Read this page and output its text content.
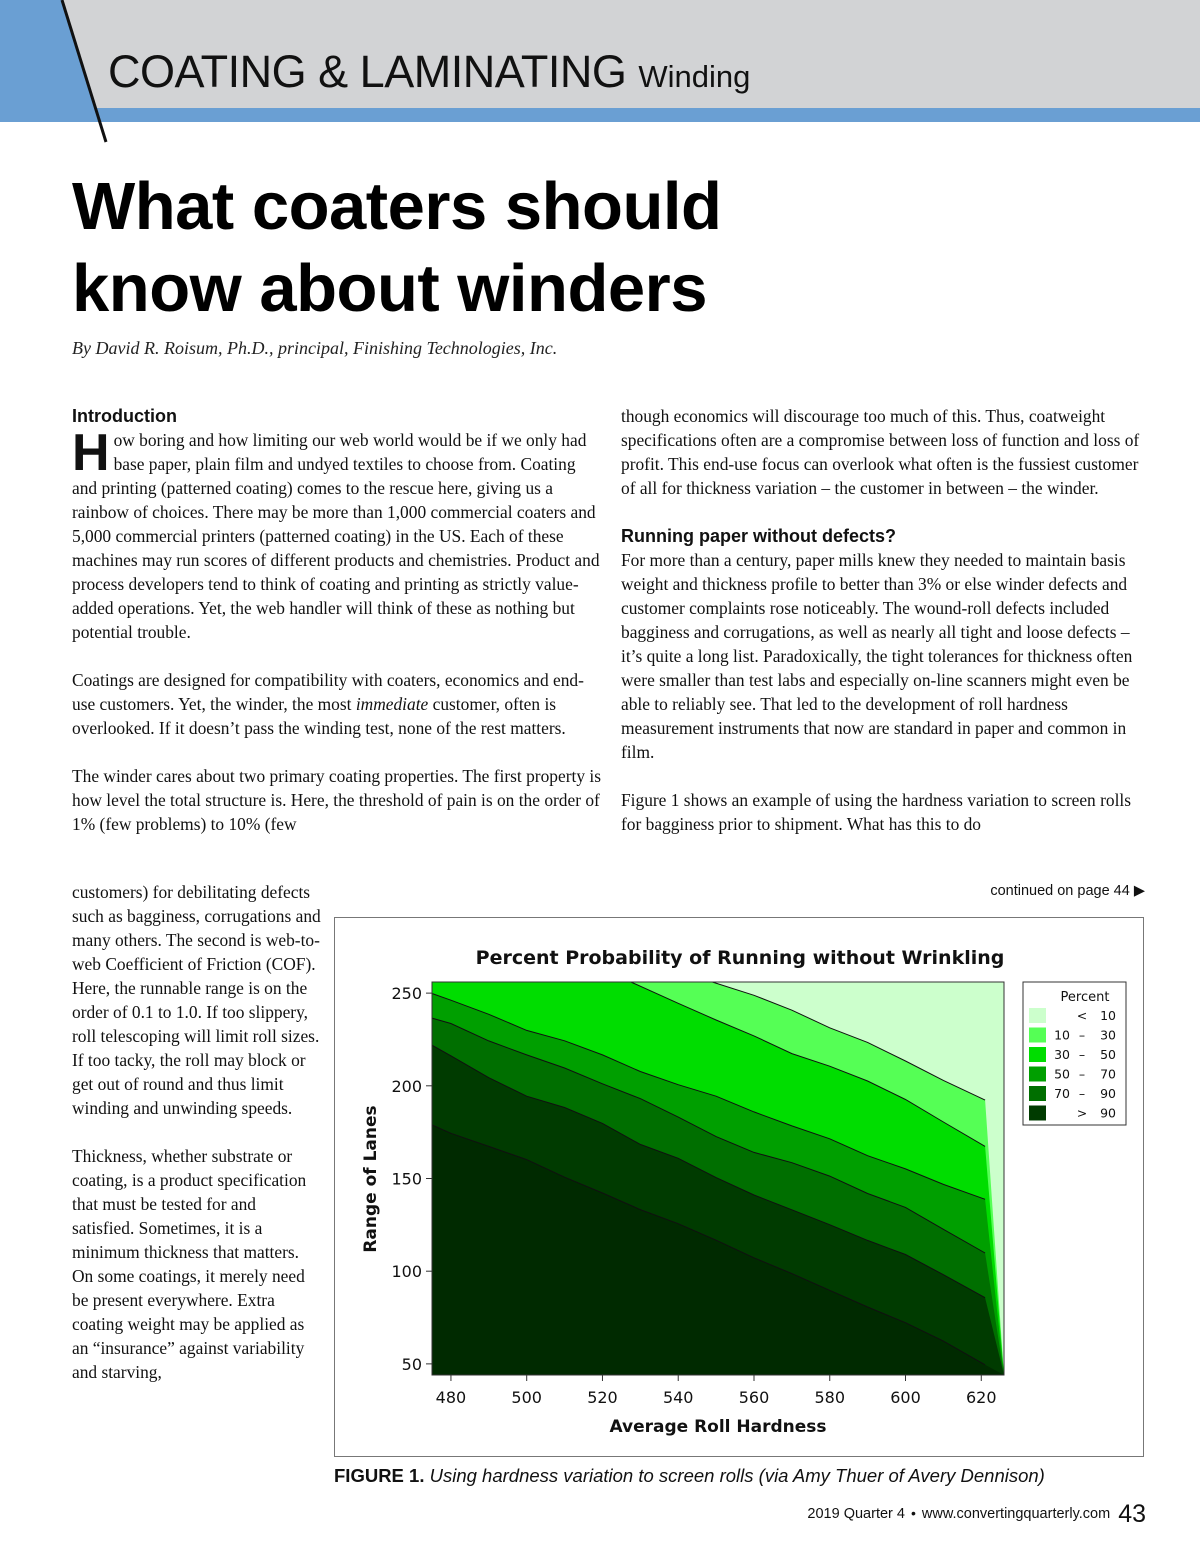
COATING & LAMINATING Winding
What coaters should
know about winders
By David R. Roisum, Ph.D., principal, Finishing Technologies, Inc.
Introduction

How boring and how limiting our web world would be if we only had base paper, plain film and undyed textiles to choose from. Coating and printing (patterned coating) comes to the rescue here, giving us a rainbow of choices. There may be more than 1,000 commercial coaters and 5,000 commercial printers (patterned coating) in the US. Each of these machines may run scores of different products and chemistries. Product and process developers tend to think of coating and printing as strictly value-added operations. Yet, the web handler will think of these as nothing but potential trouble.

Coatings are designed for compatibility with coaters, economics and end-use customers. Yet, the winder, the most immediate customer, often is overlooked. If it doesn’t pass the winding test, none of the rest matters.

The winder cares about two primary coating properties. The first property is how level the total structure is. Here, the threshold of pain is on the order of 1% (few problems) to 10% (few

customers) for debilitating defects such as bagginess, corrugations and many others. The second is web-to-web Coefficient of Friction (COF). Here, the runnable range is on the order of 0.1 to 1.0. If too slippery, roll telescoping will limit roll sizes. If too tacky, the roll may block or get out of round and thus limit winding and unwinding speeds.

Thickness, whether substrate or coating, is a product specification that must be tested for and satisfied. Sometimes, it is a minimum thickness that matters. On some coatings, it merely need be present everywhere. Extra coating weight may be applied as an “insurance” against variability and starving,

though economics will discourage too much of this. Thus, coatweight specifications often are a compromise between loss of function and loss of profit. This end-use focus can overlook what often is the fussiest customer of all for thickness variation – the customer in between – the winder.

Running paper without defects?

For more than a century, paper mills knew they needed to maintain basis weight and thickness profile to better than 3% or else winder defects and customer complaints rose noticeably. The wound-roll defects included bagginess and corrugations, as well as nearly all tight and loose defects – it’s quite a long list. Paradoxically, the tight tolerances for thickness often were smaller than test labs and especially on-line scanners might even be able to reliably see. That led to the development of roll hardness measurement instruments that now are standard in paper and common in film.

Figure 1 shows an example of using the hardness variation to screen rolls for bagginess prior to shipment. What has this to do

continued on page 44 ▶
Percent Probability of Running without Wrinkling
480	500	520	540	560	580	600	620
50
100
150
200
250
Average Roll Hardness
Range of Lanes
Percent
< 10
10 – 30
30 – 50
50 – 70
70 – 90
> 90
FIGURE 1. Using hardness variation to screen rolls (via Amy Thuer of Avery Dennison)
2019 Quarter 4 • www.convertingquarterly.com 43
